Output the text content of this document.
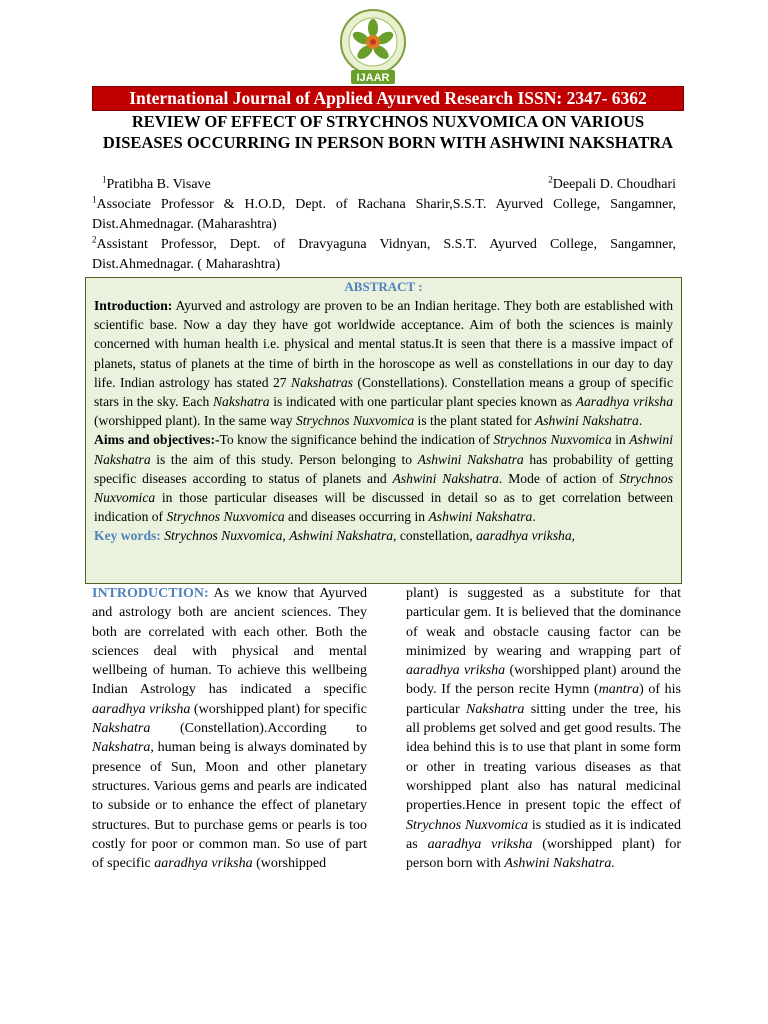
IJAAR
International Journal of Applied Ayurved Research ISSN: 2347- 6362
REVIEW OF EFFECT OF STRYCHNOS NUXVOMICA ON VARIOUS DISEASES OCCURRING IN PERSON BORN WITH ASHWINI NAKSHATRA
$^1$Pratibha B. Visave	$^2$Deepali D. Choudhari
$^1$Associate Professor & H.O.D, Dept. of Rachana Sharir,S.S.T. Ayurved College, Sangamner, Dist.Ahmednagar. (Maharashtra)
$^2$Assistant Professor, Dept. of Dravyaguna Vidnyan, S.S.T. Ayurved College, Sangamner, Dist.Ahmednagar. ( Maharashtra)
ABSTRACT :

Introduction: Ayurved and astrology are proven to be an Indian heritage. They both are established with scientific base. Now a day they have got worldwide acceptance. Aim of both the sciences is mainly concerned with human health i.e. physical and mental status.It is seen that there is a massive impact of planets, status of planets at the time of birth in the horoscope as well as constellations in our day to day life. Indian astrology has stated 27 Nakshatras (Constellations). Constellation means a group of specific stars in the sky. Each Nakshatra is indicated with one particular plant species known as Aaradhya vriksha (worshipped plant). In the same way Strychnos Nuxvomica is the plant stated for Ashwini Nakshatra.

Aims and objectives:-To know the significance behind the indication of Strychnos Nuxvomica in Ashwini Nakshatra is the aim of this study. Person belonging to Ashwini Nakshatra has probability of getting specific diseases according to status of planets and Ashwini Nakshatra. Mode of action of Strychnos Nuxvomica in those particular diseases will be discussed in detail so as to get correlation between indication of Strychnos Nuxvomica and diseases occurring in Ashwini Nakshatra.

Key words: Strychnos Nuxvomica, Ashwini Nakshatra, constellation, aaradhya vriksha,

INTRODUCTION: As we know that Ayurved and astrology both are ancient sciences. They both are correlated with each other. Both the sciences deal with physical and mental wellbeing of human. To achieve this wellbeing Indian Astrology has indicated a specific aaradhya vriksha (worshipped plant) for specific Nakshatra (Constellation).According to Nakshatra, human being is always dominated by presence of Sun, Moon and other planetary structures. Various gems and pearls are indicated to subside or to enhance the effect of planetary structures. But to purchase gems or pearls is too costly for poor or common man. So use of part of specific aaradhya vriksha (worshipped
plant) is suggested as a substitute for that particular gem. It is believed that the dominance of weak and obstacle causing factor can be minimized by wearing and wrapping part of aaradhya vriksha (worshipped plant) around the body. If the person recite Hymn (mantra) of his particular Nakshatra sitting under the tree, his all problems get solved and get good results. The idea behind this is to use that plant in some form or other in treating various diseases as that worshipped plant also has natural medicinal properties.Hence in present topic the effect of Strychnos Nuxvomica is studied as it is indicated as aaradhya vriksha (worshipped plant) for person born with Ashwini Nakshatra.
